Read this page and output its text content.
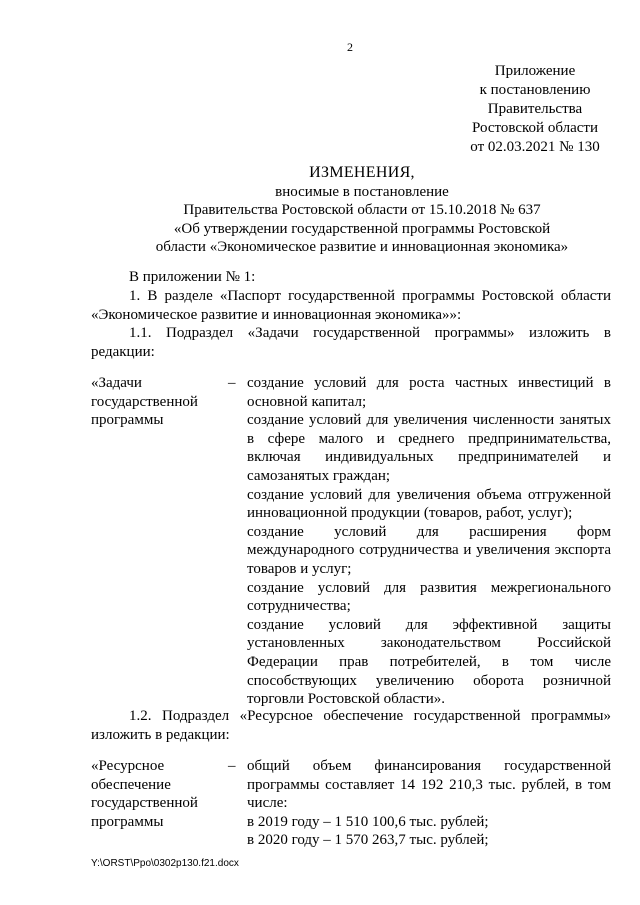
2
Приложение
к постановлению
Правительства
Ростовской области
от 02.03.2021 № 130
ИЗМЕНЕНИЯ,
вносимые в постановление
Правительства Ростовской области от 15.10.2018 № 637
«Об утверждении государственной программы Ростовской
области «Экономическое развитие и инновационная экономика»
В приложении № 1:
1. В разделе «Паспорт государственной программы Ростовской области «Экономическое развитие и инновационная экономика»»:
1.1. Подраздел «Задачи государственной программы» изложить в редакции:
«Задачи государственной программы
– создание условий для роста частных инвестиций в основной капитал;

создание условий для увеличения численности занятых в сфере малого и среднего предпринимательства, включая индивидуальных предпринимателей и самозанятых граждан;

создание условий для увеличения объема отгруженной инновационной продукции (товаров, работ, услуг);

создание условий для расширения форм международного сотрудничества и увеличения экспорта товаров и услуг;

создание условий для развития межрегионального сотрудничества;

создание условий для эффективной защиты установленных законодательством Российской Федерации прав потребителей, в том числе способствующих увеличению оборота розничной торговли Ростовской области».

1.2. Подраздел «Ресурсное обеспечение государственной программы» изложить в редакции:
«Ресурсное обеспечение государственной программы
– общий объем финансирования государственной программы составляет 14 192 210,3 тыс. рублей, в том числе:

в 2019 году – 1 510 100,6 тыс. рублей;

в 2020 году – 1 570 263,7 тыс. рублей;

Y:\ORST\Ppo\0302p130.f21.docx
